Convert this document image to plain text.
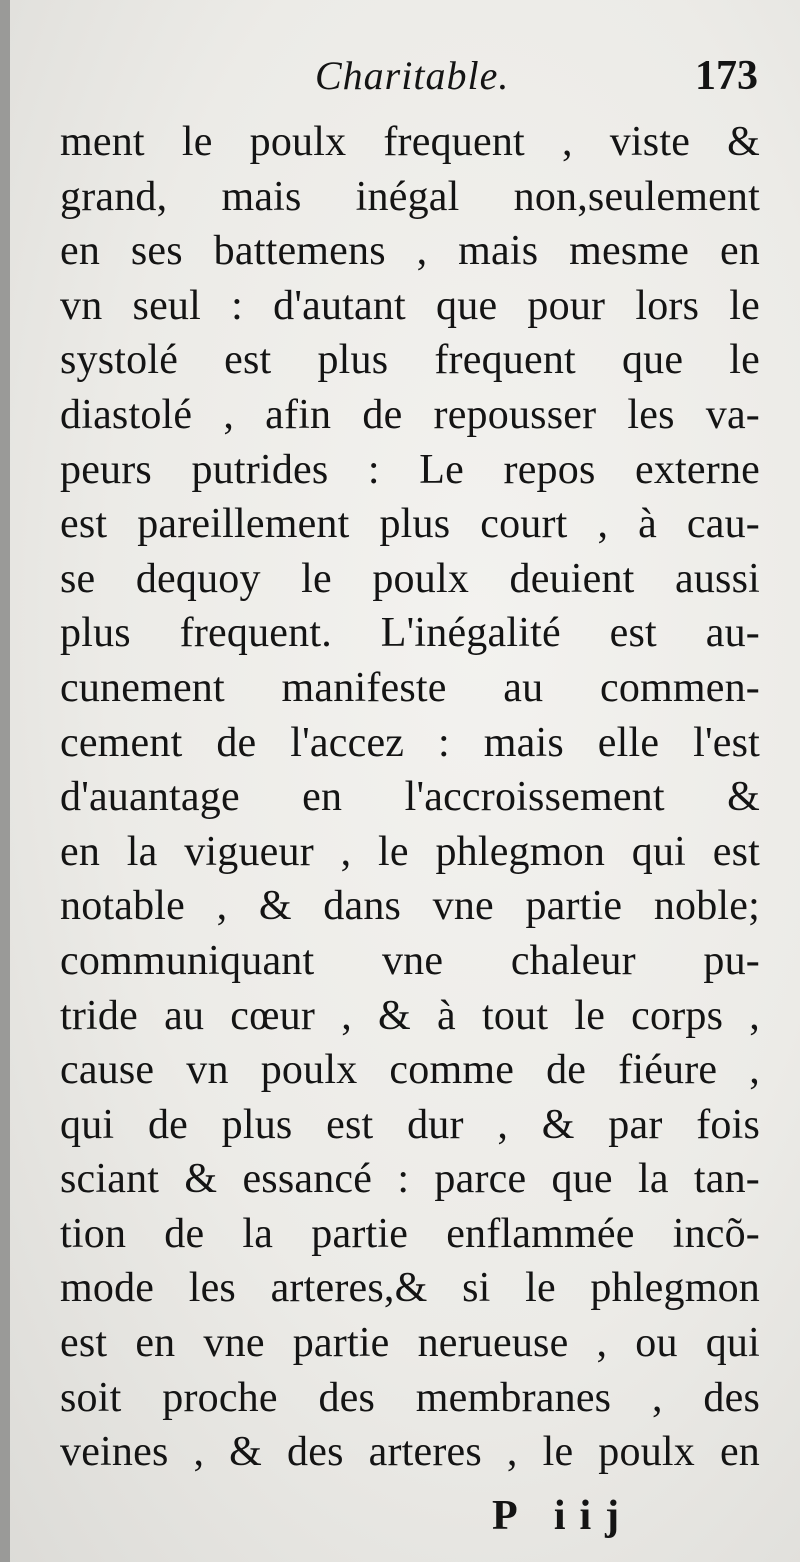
Charitable.	173
ment le poulx frequent , viste &
grand, mais inégal non,seulement
en ses battemens , mais mesme en
vn seul : d'autant que pour lors le
systolé est plus frequent que le
diastolé , afin de repousser les va-
peurs putrides : Le repos externe
est pareillement plus court , à cau-
se dequoy le poulx deuient aussi
plus frequent. L'inégalité est au-
cunement manifeste au commen-
cement de l'accez : mais elle l'est
d'auantage en l'accroissement &
en la vigueur , le phlegmon qui est
notable , & dans vne partie noble;
communiquant vne chaleur pu-
tride au cœur , & à tout le corps ,
cause vn poulx comme de fiéure ,
qui de plus est dur , & par fois
sciant & essancé : parce que la tan-
tion de la partie enflammée incõ-
mode les arteres,& si le phlegmon
est en vne partie nerueuse , ou qui
soit proche des membranes , des
veines , & des arteres , le poulx en
P iij
